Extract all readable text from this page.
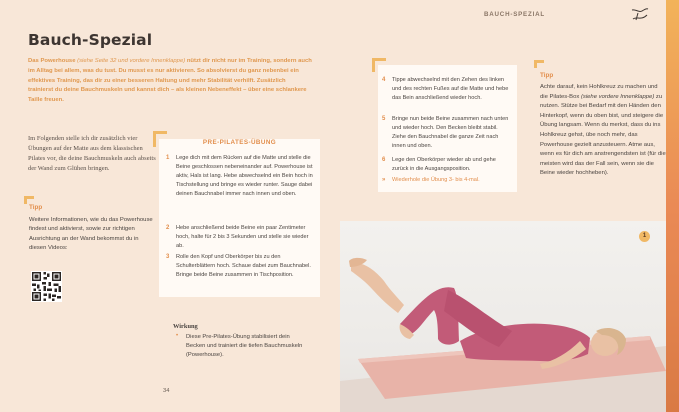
BAUCH-SPEZIAL
Bauch-Spezial
Das Powerhouse (siehe Seite 32 und vordere Innenklappe) nützt dir nicht nur im Training, sondern auch im Alltag bei allem, was du tust. Du musst es nur aktivieren. So absolvierst du ganz nebenbei ein effektives Training, das dir zu einer besseren Haltung und mehr Stabilität verhilft. Zusätzlich trainierst du deine Bauchmuskeln und kannst dich – als kleinen Nebeneffekt – über eine schlankere Taille freuen.
Im Folgenden stelle ich dir zusätzlich vier Übungen auf der Matte aus dem klassischen Pilates vor, die deine Bauchmuskeln auch abseits der Wand zum Glühen bringen.
Tipp
Weitere Informationen, wie du das Powerhouse findest und aktivierst, sowie zur richtigen Ausrichtung an der Wand bekommst du in diesen Videos:
PRE-PILATES-ÜBUNG
1 Lege dich mit dem Rücken auf die Matte und stelle die Beine geschlossen nebeneinander auf. Powerhouse ist aktiv, Hals ist lang. Hebe abwechselnd ein Bein hoch in Tischstellung und bringe es wieder runter. Sauge dabei deinen Bauchnabel immer nach innen und oben.
2 Hebe anschließend beide Beine ein paar Zentimeter hoch, halte für 2 bis 3 Sekunden und stelle sie wieder ab.
3 Rolle den Kopf und Oberkörper bis zu den Schulterblättern hoch. Schaue dabei zum Bauchnabel. Bringe beide Beine zusammen in Tischposition.
Wirkung
• Diese Pre-Pilates-Übung stabilisiert dein Becken und trainiert die tiefen Bauchmuskeln (Powerhouse).
34
4 Tippe abwechselnd mit den Zehen des linken und des rechten Fußes auf die Matte und hebe das Bein anschließend wieder hoch.
5 Bringe nun beide Beine zusammen nach unten und wieder hoch. Den Becken bleibt stabil. Ziehe den Bauchnabel die ganze Zeit nach innen und oben.
6 Lege den Oberkörper wieder ab und gehe zurück in die Ausgangsposition.
» Wiederhole die Übung 3- bis 4-mal.
Tipp
Achte darauf, kein Hohlkreuz zu machen und die Pilates-Box (siehe vordere Innenklappe) zu nutzen. Stütze bei Bedarf mit den Händen den Hinterkopf, wenn du oben bist, und steigere die Übung langsam. Wenn du merkst, dass du ins Hohlkreuz gehst, übe noch mehr, das Powerhouse gezielt anzusteuern. Atme aus, wenn es für dich am anstrengendsten ist (für die meisten wird das der Fall sein, wenn sie die Beine wieder hochheben).
1
